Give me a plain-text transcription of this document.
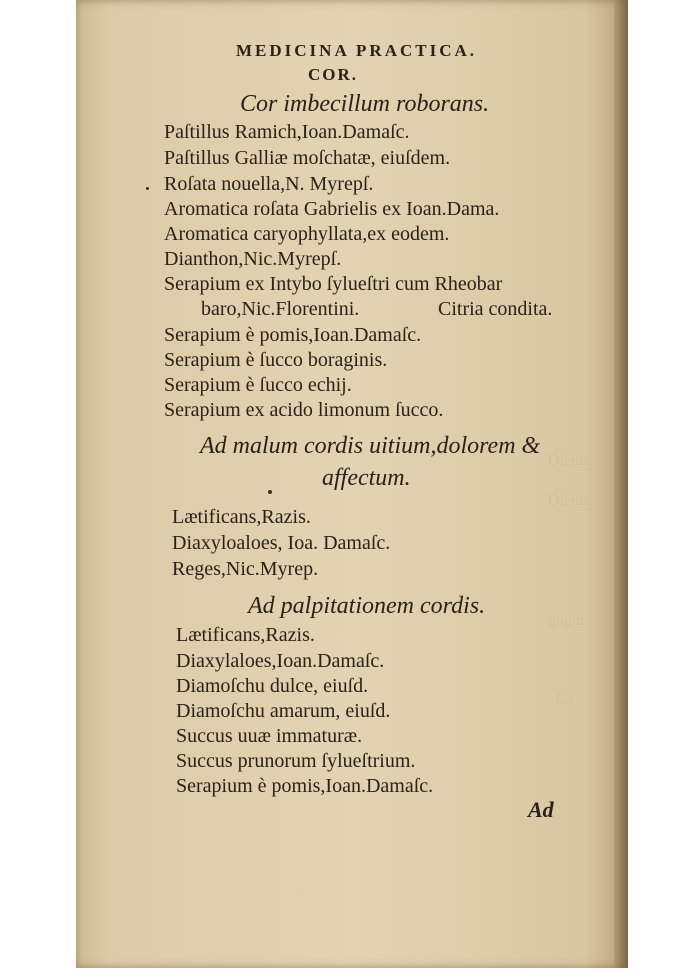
Oleum
Oleum
gogm
Ca
MEDICINA PRACTICA.
COR.
Cor imbecillum roborans.
Paſtillus Ramich,Ioan.Damaſc.
Paſtillus Galliæ moſchatæ, eiuſdem.
Roſata nouella,N. Myrepſ.
Aromatica roſata Gabrielis ex Ioan.Dama.
Aromatica caryophyllata,ex eodem.
Dianthon,Nic.Myrepſ.
Serapium ex Intybo ſylueſtri cum Rheobar
baro,Nic.Florentini.	Citria condita.
Serapium è pomis,Ioan.Damaſc.
Serapium è ſucco boraginis.
Serapium è ſucco echij.
Serapium ex acido limonum ſucco.
Ad malum cordis uitium,dolorem &
affectum.
Lætificans,Razis.
Diaxyloaloes, Ioa. Damaſc.
Reges,Nic.Myrep.
Ad palpitationem cordis.
Lætificans,Razis.
Diaxylaloes,Ioan.Damaſc.
Diamoſchu dulce, eiuſd.
Diamoſchu amarum, eiuſd.
Succus uuæ immaturæ.
Succus prunorum ſylueſtrium.
Serapium è pomis,Ioan.Damaſc.
Ad
